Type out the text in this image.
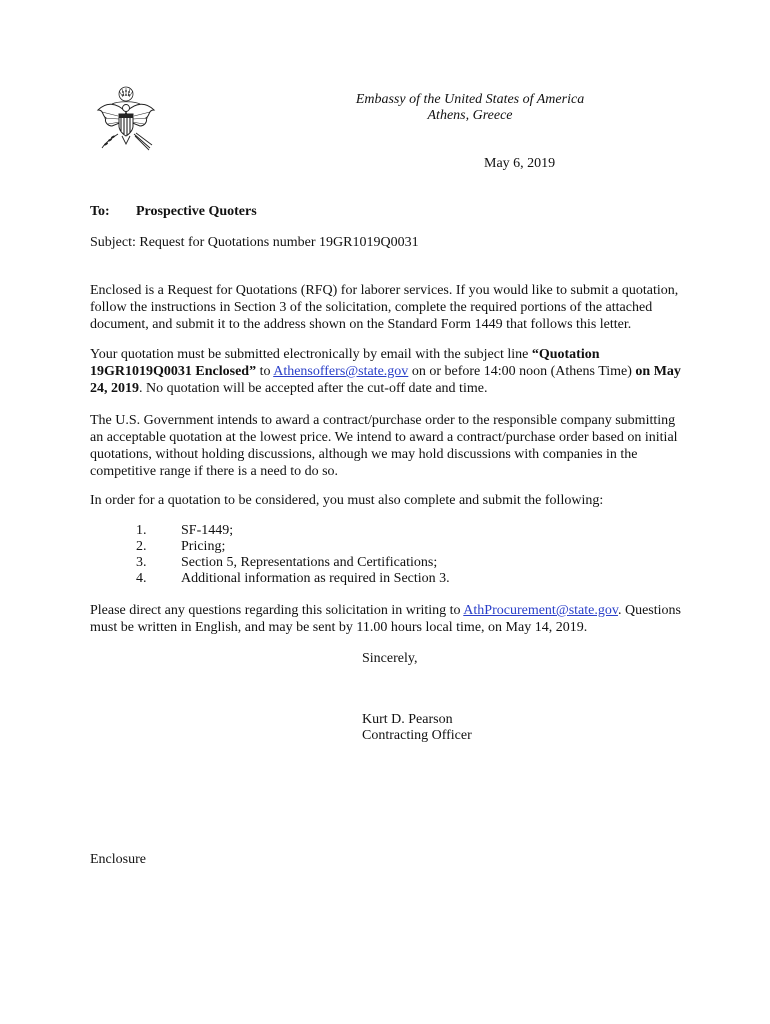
Embassy of the United States of America
Athens, Greece
May 6, 2019
To: Prospective Quoters
Subject: Request for Quotations number 19GR1019Q0031
Enclosed is a Request for Quotations (RFQ) for laborer services. If you would like to submit a quotation, follow the instructions in Section 3 of the solicitation, complete the required portions of the attached document, and submit it to the address shown on the Standard Form 1449 that follows this letter.
Your quotation must be submitted electronically by email with the subject line “Quotation 19GR1019Q0031 Enclosed” to Athensoffers@state.gov on or before 14:00 noon (Athens Time) on May 24, 2019. No quotation will be accepted after the cut-off date and time.
The U.S. Government intends to award a contract/purchase order to the responsible company submitting an acceptable quotation at the lowest price. We intend to award a contract/purchase order based on initial quotations, without holding discussions, although we may hold discussions with companies in the competitive range if there is a need to do so.
In order for a quotation to be considered, you must also complete and submit the following:
1.	SF-1449;
2.	Pricing;
3.	Section 5, Representations and Certifications;
4.	Additional information as required in Section 3.
Please direct any questions regarding this solicitation in writing to AthProcurement@state.gov. Questions must be written in English, and may be sent by 11.00 hours local time, on May 14, 2019.
Sincerely,
Kurt D. Pearson
Contracting Officer
Enclosure
